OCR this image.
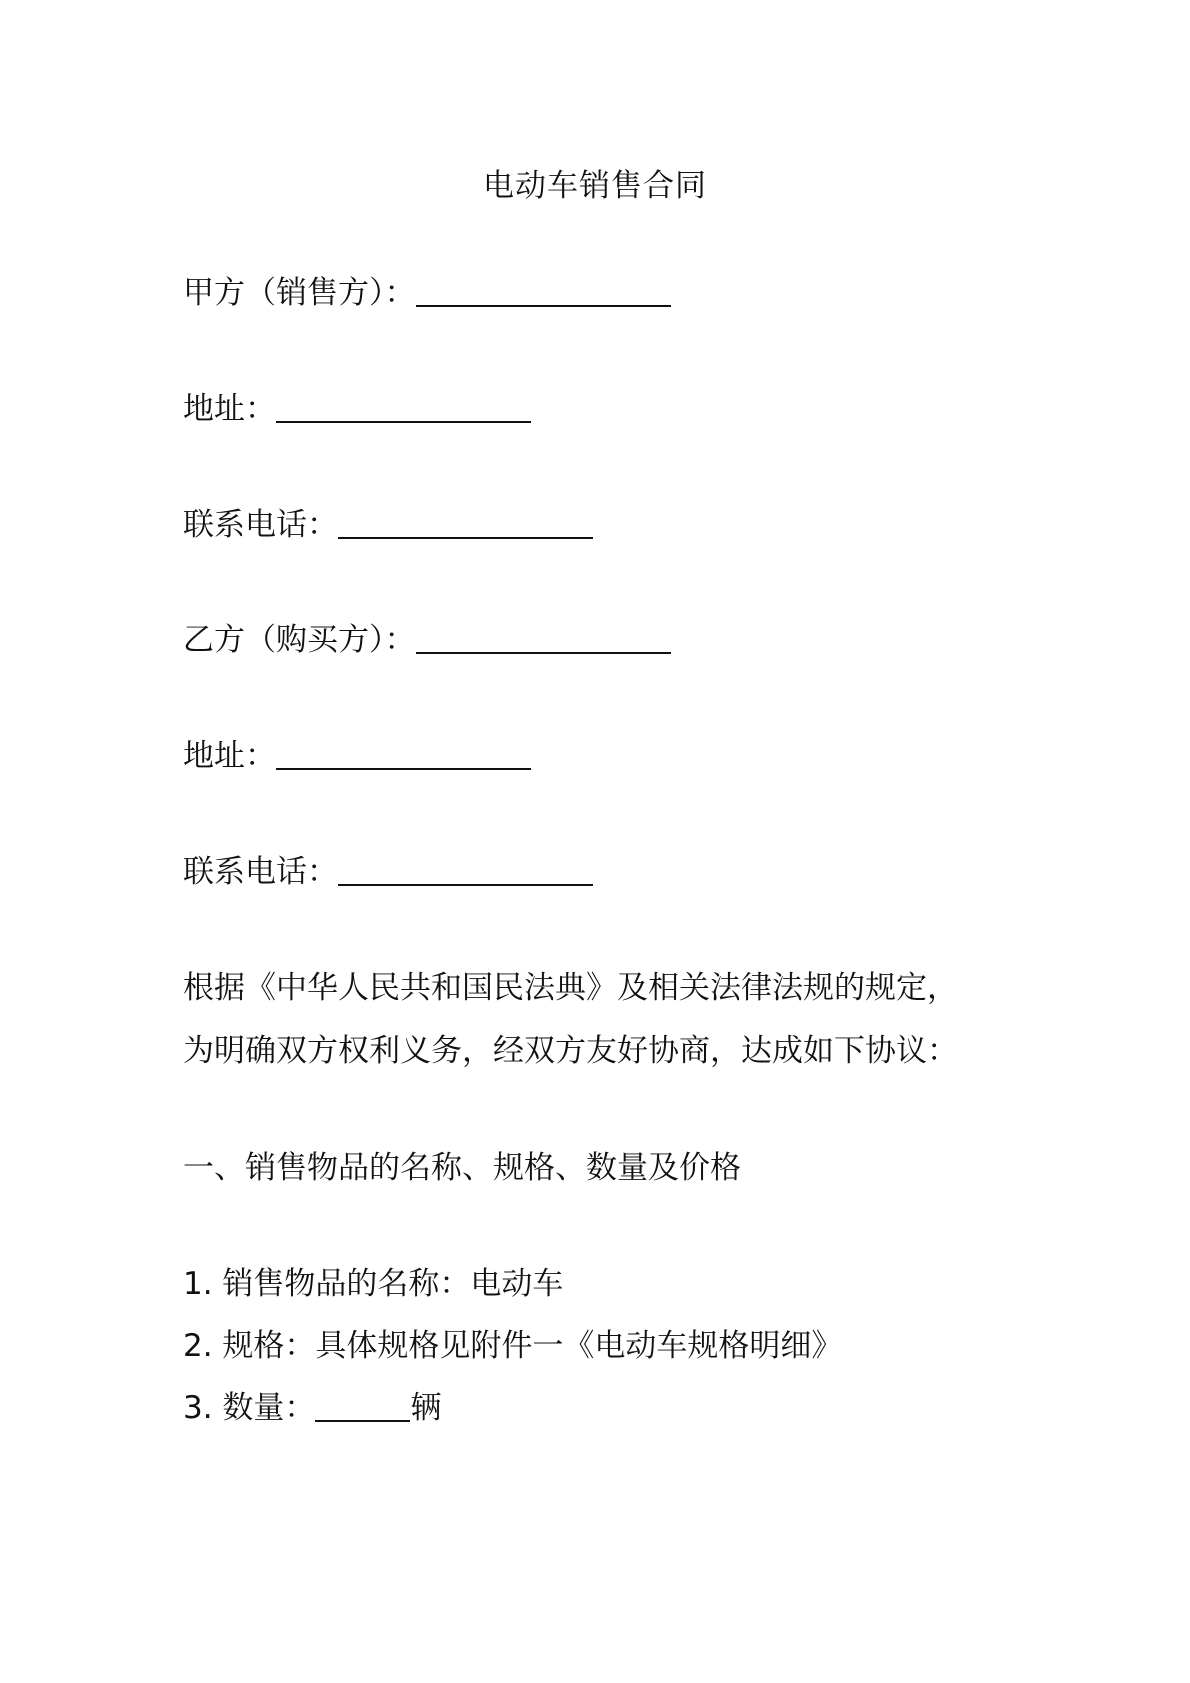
电动车销售合同
甲方（销售方）：
地址：
联系电话：
乙方（购买方）：
地址：
联系电话：
根据《中华人民共和国民法典》及相关法律法规的规定，
为明确双方权利义务，经双方友好协商，达成如下协议：
一、销售物品的名称、规格、数量及价格
1. 销售物品的名称：电动车
2. 规格：具体规格见附件一《电动车规格明细》
3. 数量：	辆
